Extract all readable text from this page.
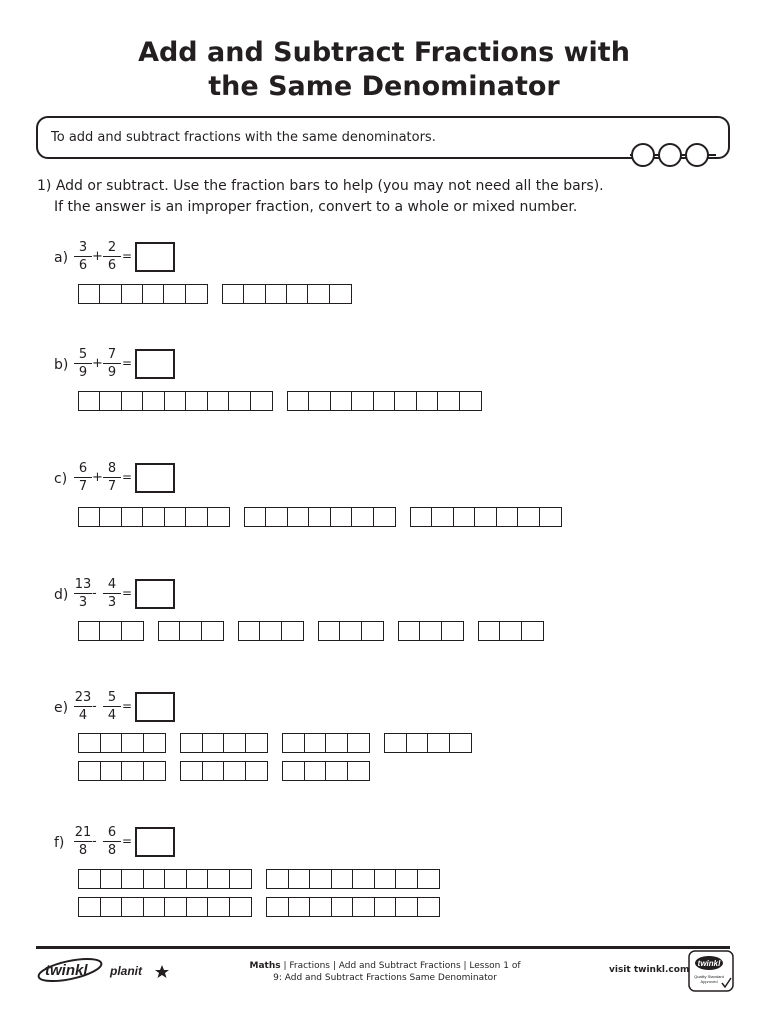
Add and Subtract Fractions with
the Same Denominator
To add and subtract fractions with the same denominators.
1) Add or subtract. Use the fraction bars to help (you may not need all the bars).
If the answer is an improper fraction, convert to a whole or mixed number.
a)
3
6
2
6
+ =
b)
5
9
7
9
+ =
c)
6
7
8
7
+ =
d)
13
3
4
3
- =
e)
23
4
5
4
- =
f)
21
8
6
8
- =
twinkl planit	Maths | Fractions | Add and Subtract Fractions | Lesson 1 of
9: Add and Subtract Fractions Same Denominator
visit twinkl.com
twinkl
Quality Standard
Approved
